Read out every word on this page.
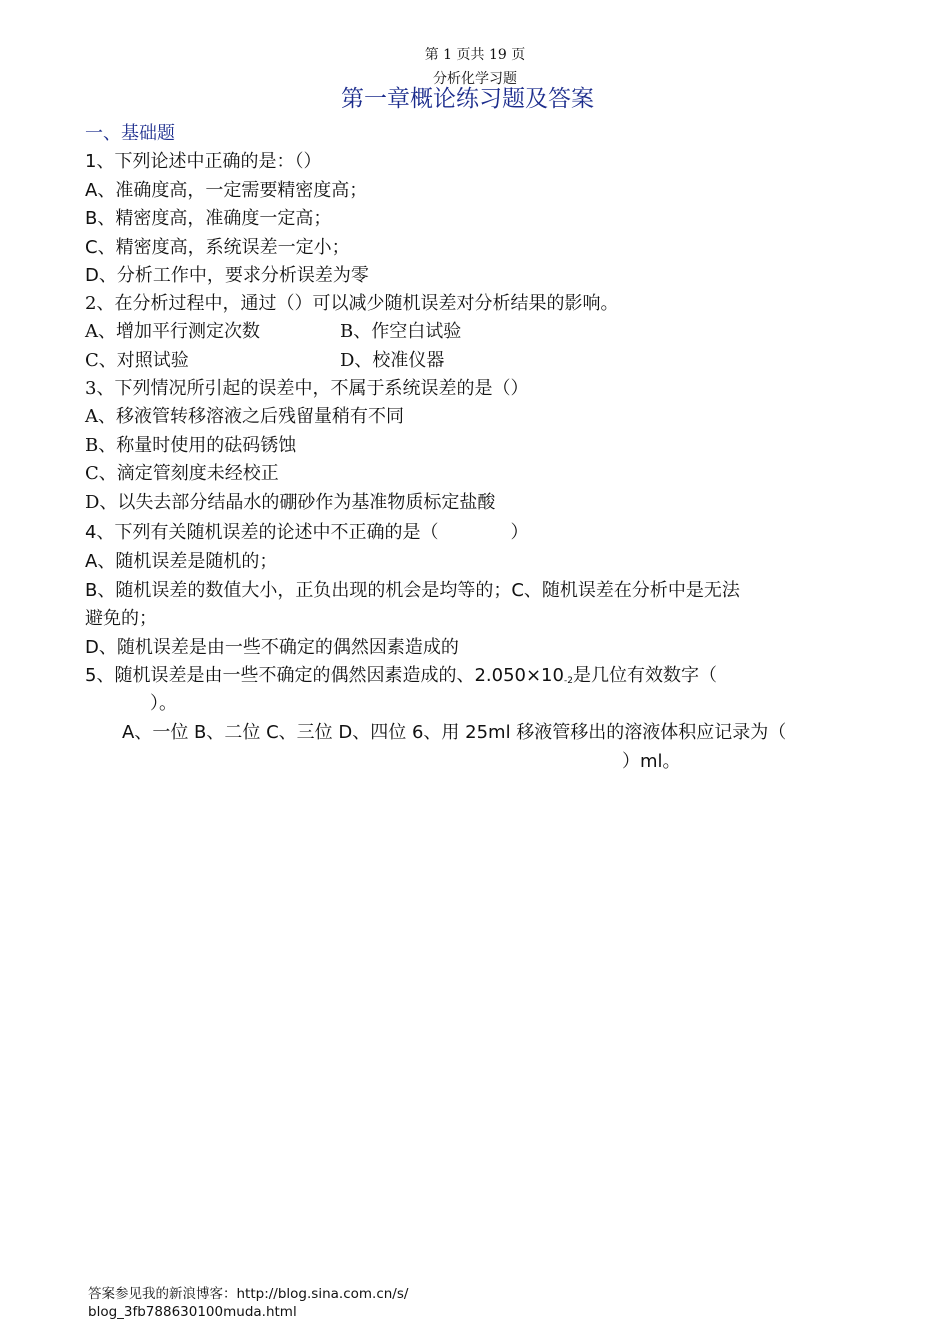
第 1 页共 19 页
分析化学习题
第一章概论练习题及答案
一、基础题
1、下列论述中正确的是：（）
A、准确度高，一定需要精密度高；
B、精密度高，准确度一定高；
C、精密度高，系统误差一定小；
D、分析工作中，要求分析误差为零
2、在分析过程中，通过（）可以减少随机误差对分析结果的影响。
A、增加平行测定次数	B、作空白试验
C、对照试验	D、校准仪器
3、下列情况所引起的误差中，不属于系统误差的是（）
A、移液管转移溶液之后残留量稍有不同
B、称量时使用的砝码锈蚀
C、滴定管刻度未经校正
D、以失去部分结晶水的硼砂作为基准物质标定盐酸
4、下列有关随机误差的论述中不正确的是（　　　　）
A、随机误差是随机的；
B、随机误差的数值大小，正负出现的机会是均等的；C、随机误差在分析中是无法
避免的；
D、随机误差是由一些不确定的偶然因素造成的
5、随机误差是由一些不确定的偶然因素造成的、$2.050\times 10_{-2}$是几位有效数字（
）。
A、一位 B、二位 C、三位 D、四位 6、用 25ml 移液管移出的溶液体积应记录为（
）ml。
答案参见我的新浪博客：http://blog.sina.com.cn/s/
blog_3fb788630100muda.html
